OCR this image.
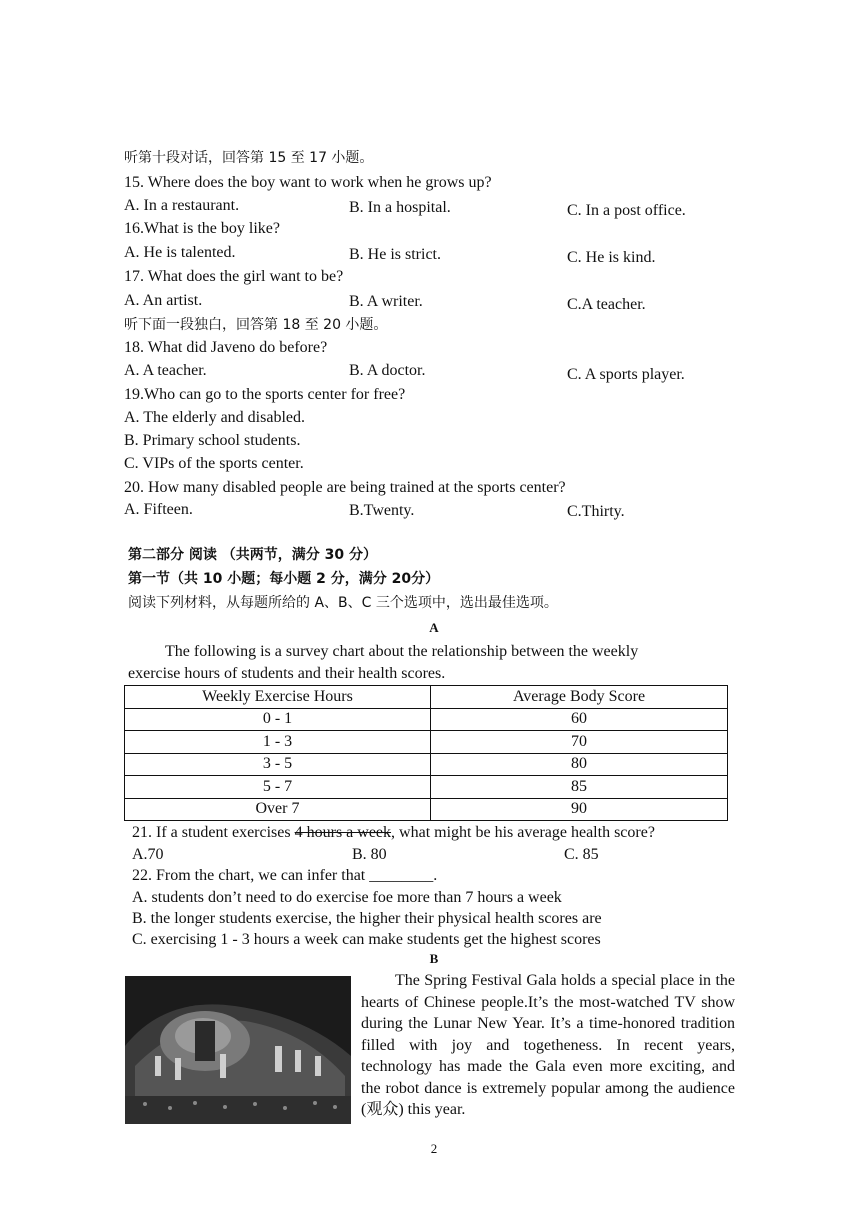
听第十段对话，回答第 15 至 17 小题。
15. Where does the boy want to work when he grows up?
A. In a restaurant.	B. In a hospital.	C. In a post office.
16.What is the boy like?
A. He is talented.	B. He is strict.	C. He is kind.
17. What does the girl want to be?
A. An artist.	B. A writer.	C.A teacher.
听下面一段独白，回答第 18 至 20 小题。
18. What did Javeno do before?
A. A teacher.	B. A doctor.	C. A sports player.
19.Who can go to the sports center for free?
A. The elderly and disabled.
B. Primary school students.
C. VIPs of the sports center.
20. How many disabled people are being trained at the sports center?
A. Fifteen.	B.Twenty.	C.Thirty.
第二部分 阅读 （共两节，满分 30 分）
第一节（共 10 小题；每小题 2 分，满分 20分）
阅读下列材料，从每题所给的 A、B、C 三个选项中，选出最佳选项。
A
The following is a survey chart about the relationship between the weekly
exercise hours of students and their health scores.
Weekly Exercise Hours	Average Body Score
0 - 1	60
1 - 3	70
3 - 5	80
5 - 7	85
Over 7	90
21. If a student exercises 4 hours a week, what might be his average health score?
A.70	B. 80	C. 85
22. From the chart, we can infer that ________.
A. students don’t need to do exercise foe more than 7 hours a week
B. the longer students exercise, the higher their physical health scores are
C. exercising 1 - 3 hours a week can make students get the highest scores
B
The Spring Festival Gala holds a special place in the hearts of Chinese people.It’s the most-watched TV show during the Lunar New Year. It’s a time-honored tradition filled with joy and togetheness. In recent years, technology has made the Gala even more exciting, and the robot dance is extremely popular among the audience (观众) this year.
2
